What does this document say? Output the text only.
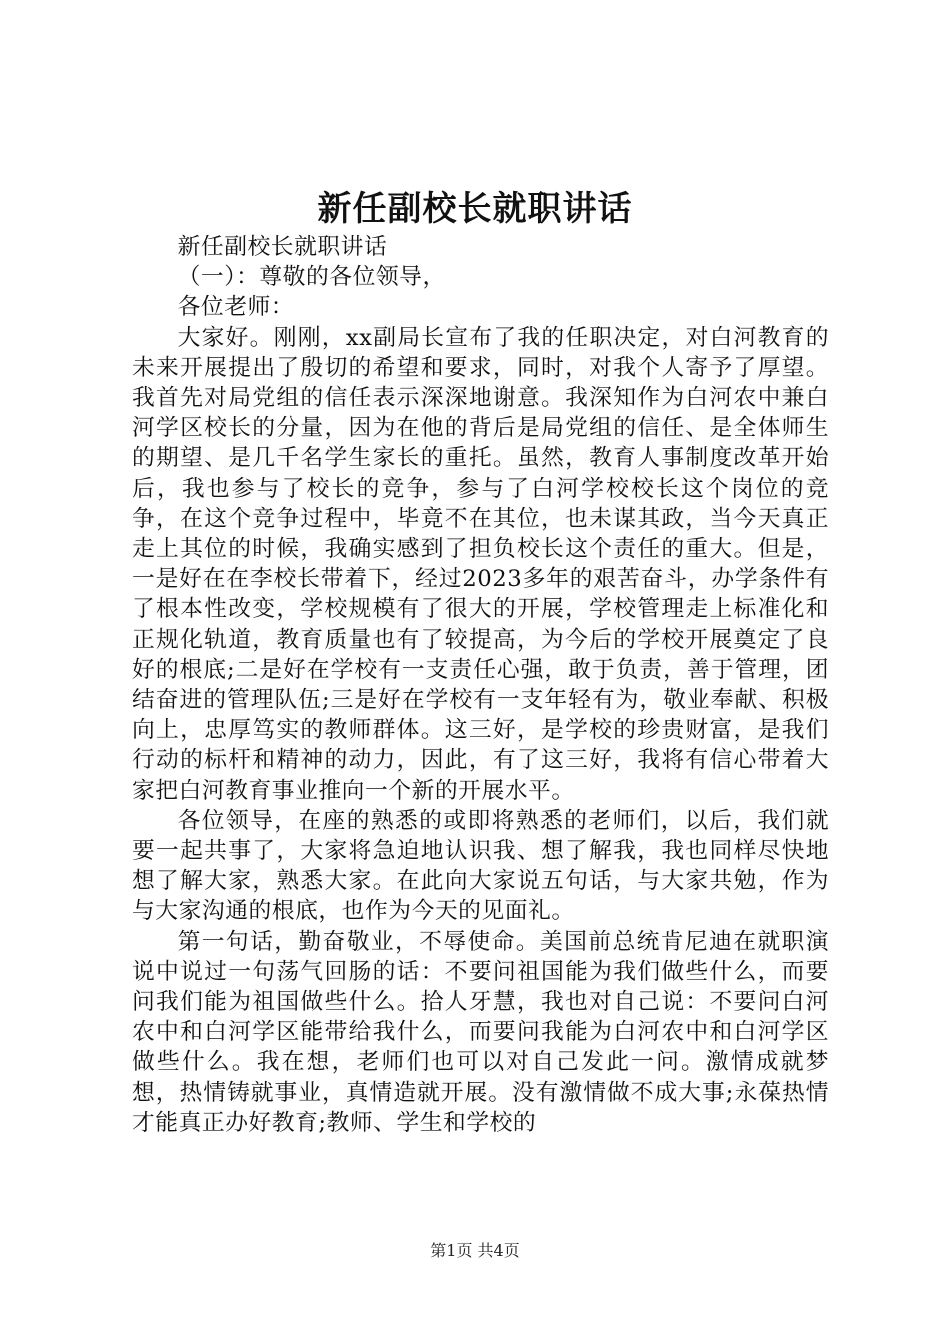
新任副校长就职讲话

新任副校长就职讲话

（一）：尊敬的各位领导，

各位老师：

大家好。刚刚，xx副局长宣布了我的任职决定，对白河教育的未来开展提出了殷切的希望和要求，同时，对我个人寄予了厚望。我首先对局党组的信任表示深深地谢意。我深知作为白河农中兼白河学区校长的分量，因为在他的背后是局党组的信任、是全体师生的期望、是几千名学生家长的重托。虽然，教育人事制度改革开始后，我也参与了校长的竞争，参与了白河学校校长这个岗位的竞争，在这个竞争过程中，毕竟不在其位，也未谋其政，当今天真正走上其位的时候，我确实感到了担负校长这个责任的重大。但是，一是好在在李校长带着下，经过2023多年的艰苦奋斗，办学条件有了根本性改变，学校规模有了很大的开展，学校管理走上标准化和正规化轨道，教育质量也有了较提高，为今后的学校开展奠定了良好的根底;二是好在学校有一支责任心强，敢于负责，善于管理，团结奋进的管理队伍;三是好在学校有一支年轻有为，敬业奉献、积极向上，忠厚笃实的教师群体。这三好，是学校的珍贵财富，是我们行动的标杆和精神的动力，因此，有了这三好，我将有信心带着大家把白河教育事业推向一个新的开展水平。

各位领导，在座的熟悉的或即将熟悉的老师们，以后，我们就要一起共事了，大家将急迫地认识我、想了解我，我也同样尽快地想了解大家，熟悉大家。在此向大家说五句话，与大家共勉，作为与大家沟通的根底，也作为今天的见面礼。

第一句话，勤奋敬业，不辱使命。美国前总统肯尼迪在就职演说中说过一句荡气回肠的话：不要问祖国能为我们做些什么，而要问我们能为祖国做些什么。拾人牙慧，我也对自己说：不要问白河农中和白河学区能带给我什么，而要问我能为白河农中和白河学区做些什么。我在想，老师们也可以对自己发此一问。激情成就梦想，热情铸就事业，真情造就开展。没有激情做不成大事;永葆热情才能真正办好教育;教师、学生和学校的

第1页 共4页
